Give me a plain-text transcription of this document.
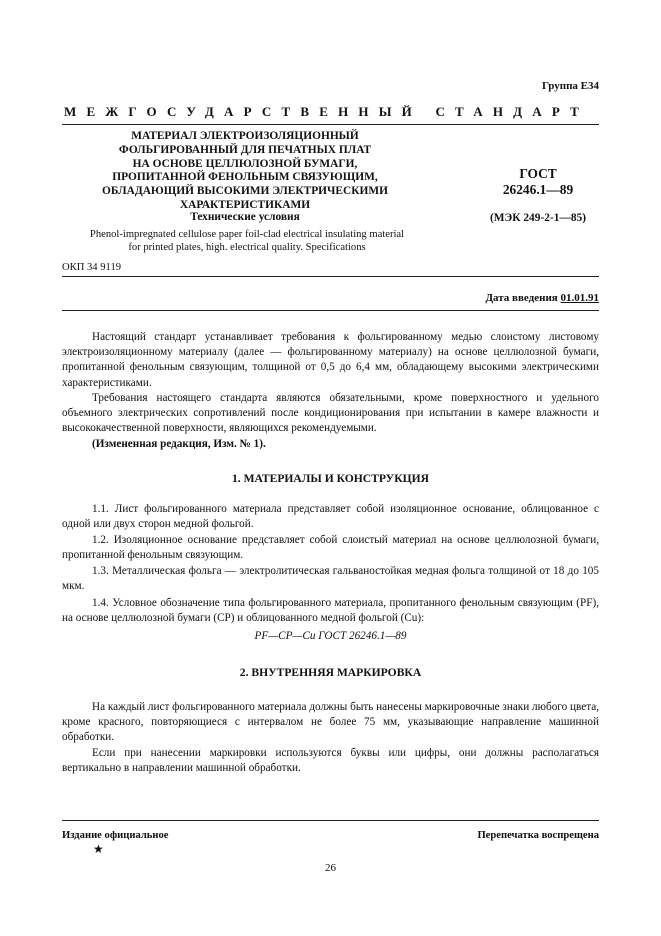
Группа Е34
МЕЖГОСУДАРСТВЕННЫЙ СТАНДАРТ
МАТЕРИАЛ ЭЛЕКТРОИЗОЛЯЦИОННЫЙ
ФОЛЬГИРОВАННЫЙ ДЛЯ ПЕЧАТНЫХ ПЛАТ
НА ОСНОВЕ ЦЕЛЛЮЛОЗНОЙ БУМАГИ,
ПРОПИТАННОЙ ФЕНОЛЬНЫМ СВЯЗУЮЩИМ,
ОБЛАДАЮЩИЙ ВЫСОКИМИ ЭЛЕКТРИЧЕСКИМИ
ХАРАКТЕРИСТИКАМИ
Технические условия
Phenol-impregnated cellulose paper foil-clad electrical insulating material
for printed plates, high. electrical quality. Specifications
ГОСТ
26246.1—89
(МЭК 249-2-1—85)
ОКП 34 9119
Дата введения 01.01.91
Настоящий стандарт устанавливает требования к фольгированному медью слоистому листовому электроизоляционному материалу (далее — фольгированному материалу) на основе целлюлозной бумаги, пропитанной фенольным связующим, толщиной от 0,5 до 6,4 мм, обладающему высокими электрическими характеристиками.
Требования настоящего стандарта являются обязательными, кроме поверхностного и удельного объемного электрических сопротивлений после кондиционирования при испытании в камере влажности и высококачественной поверхности, являющихся рекомендуемыми.
(Измененная редакция, Изм. № 1).
1. МАТЕРИАЛЫ И КОНСТРУКЦИЯ
1.1. Лист фольгированного материала представляет собой изоляционное основание, облицованное с одной или двух сторон медной фольгой.
1.2. Изоляционное основание представляет собой слоистый материал на основе целлюлозной бумаги, пропитанной фенольным связующим.
1.3. Металлическая фольга — электролитическая гальваностойкая медная фольга толщиной от 18 до 105 мкм.
1.4. Условное обозначение типа фольгированного материала, пропитанного фенольным связующим (PF), на основе целлюлозной бумаги (СР) и облицованного медной фольгой (Cu):
PF—CP—Cu ГОСТ 26246.1—89
2. ВНУТРЕННЯЯ МАРКИРОВКА
На каждый лист фольгированного материала должны быть нанесены маркировочные знаки любого цвета, кроме красного, повторяющиеся с интервалом не более 75 мм, указывающие направление машинной обработки.
Если при нанесении маркировки используются буквы или цифры, они должны располагаться вертикально в направлении машинной обработки.
Издание официальное	Перепечатка воспрещена
★
26
